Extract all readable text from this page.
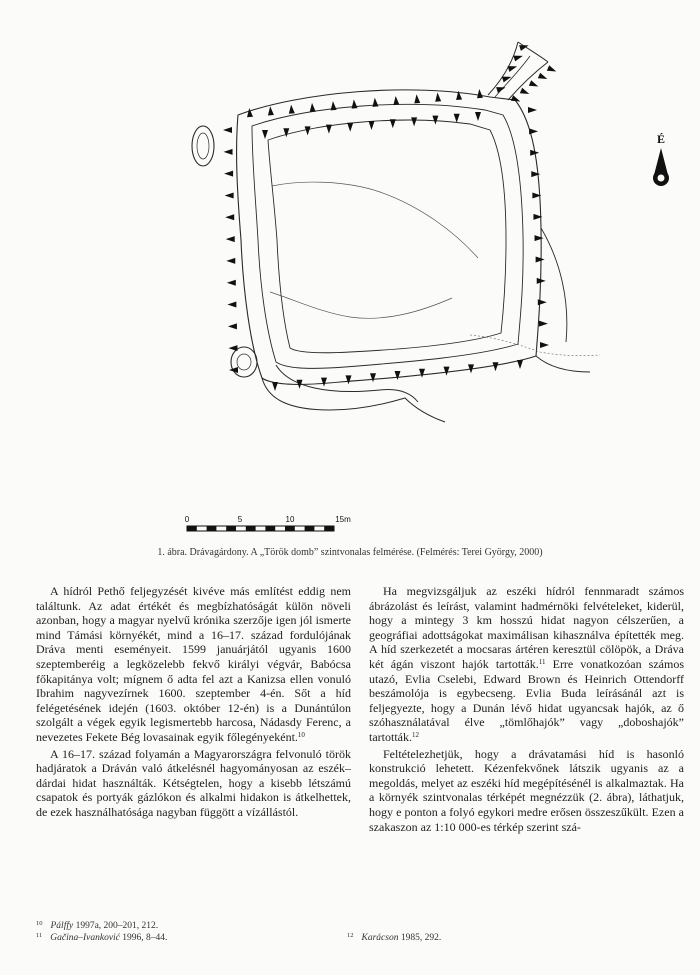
É
0	5	10	15m
1. ábra. Drávagárdony. A „Török domb” szintvonalas felmérése. (Felmérés: Terei György, 2000)

A hídról Pethő feljegyzését kivéve más említést eddig nem találtunk. Az adat értékét és megbízhatóságát külön növeli azonban, hogy a magyar nyelvű krónika szerzője igen jól ismerte mind Támási környékét, mind a 16–17. század fordulójának Dráva menti eseményeit. 1599 januárjától ugyanis 1600 szeptemberéig a legközelebb fekvő királyi végvár, Babócsa főkapitánya volt; mígnem ő adta fel azt a Kanizsa ellen vonuló Ibrahim nagyvezírnek 1600. szeptember 4-én. Sőt a híd felégetésének idején (1603. október 12-én) is a Dunántúlon szolgált a végek egyik legismertebb harcosa, Nádasdy Ferenc, a nevezetes Fekete Bég lovasainak egyik főlegényeként.$^{10}$

A 16–17. század folyamán a Magyarországra felvonuló török hadjáratok a Dráván való átkelésnél hagyományosan az eszék–dárdai hidat használták. Kétségtelen, hogy a kisebb létszámú csapatok és portyák gázlókon és alkalmi hidakon is átkelhettek, de ezek használhatósága nagyban függött a vízállástól.

Ha megvizsgáljuk az eszéki hídról fennmaradt számos ábrázolást és leírást, valamint hadmérnöki felvételeket, kiderül, hogy a mintegy 3 km hosszú hidat nagyon célszerűen, a geográfiai adottságokat maximálisan kihasználva építették meg. A híd szerkezetét a mocsaras ártéren keresztül cölöpök, a Dráva két ágán viszont hajók tartották.$^{11}$ Erre vonatkozóan számos utazó, Evlia Cselebi, Edward Brown és Heinrich Ottendorff beszámolója is egybecseng. Evlia Buda leírásánál azt is feljegyezte, hogy a Dunán lévő hidat ugyancsak hajók, az ő szóhasználatával élve „tömlőhajók” vagy „doboshajók” tartották.$^{12}$

Feltételezhetjük, hogy a drávatamási híd is hasonló konstrukció lehetett. Kézenfekvőnek látszik ugyanis az a megoldás, melyet az eszéki híd megépítésénél is alkalmaztak. Ha a környék szintvonalas térképét megnézzük (2. ábra), láthatjuk, hogy e ponton a folyó egykori medre erősen összeszűkült. Ezen a szakaszon az 1:10 000-es térkép szerint szá-

$^{10}$ Pálffy 1997a, 200–201, 212.
$^{11}$ Gačina–Ivanković 1996, 8–44.	$^{12}$ Karácson 1985, 292.
